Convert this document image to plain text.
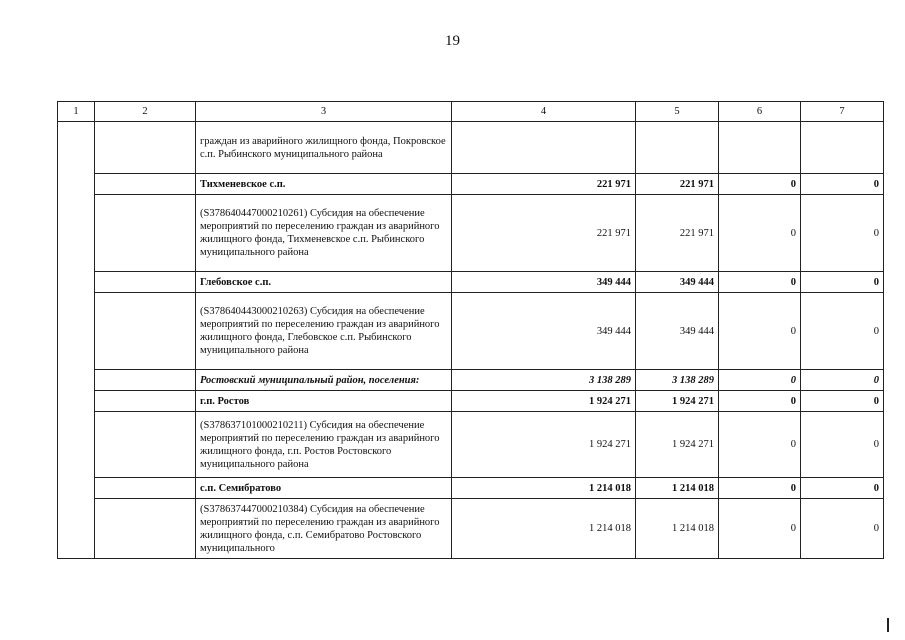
19
1	2	3	4	5	6	7
		граждан из аварийного жилищного фонда, Покровское с.п. Рыбинского муниципального района				
		Тихменевское с.п.	221 971	221 971	0	0
		(S378640447000210261) Субсидия на обеспечение мероприятий по переселению граждан из аварийного жилищного фонда, Тихменевское с.п. Рыбинского муниципального района	221 971	221 971	0	0
		Глебовское с.п.	349 444	349 444	0	0
		(S378640443000210263) Субсидия на обеспечение мероприятий по переселению граждан из аварийного жилищного фонда, Глебовское с.п. Рыбинского муниципального района	349 444	349 444	0	0
		Ростовский муниципальный район, поселения:	3 138 289	3 138 289	0	0
		г.п. Ростов	1 924 271	1 924 271	0	0
		(S378637101000210211) Субсидия на обеспечение мероприятий по переселению граждан из аварийного жилищного фонда, г.п. Ростов Ростовского муниципального района	1 924 271	1 924 271	0	0
		с.п. Семибратово	1 214 018	1 214 018	0	0
		(S378637447000210384) Субсидия на обеспечение мероприятий по переселению граждан из аварийного жилищного фонда, с.п. Семибратово Ростовского муниципального	1 214 018	1 214 018	0	0
